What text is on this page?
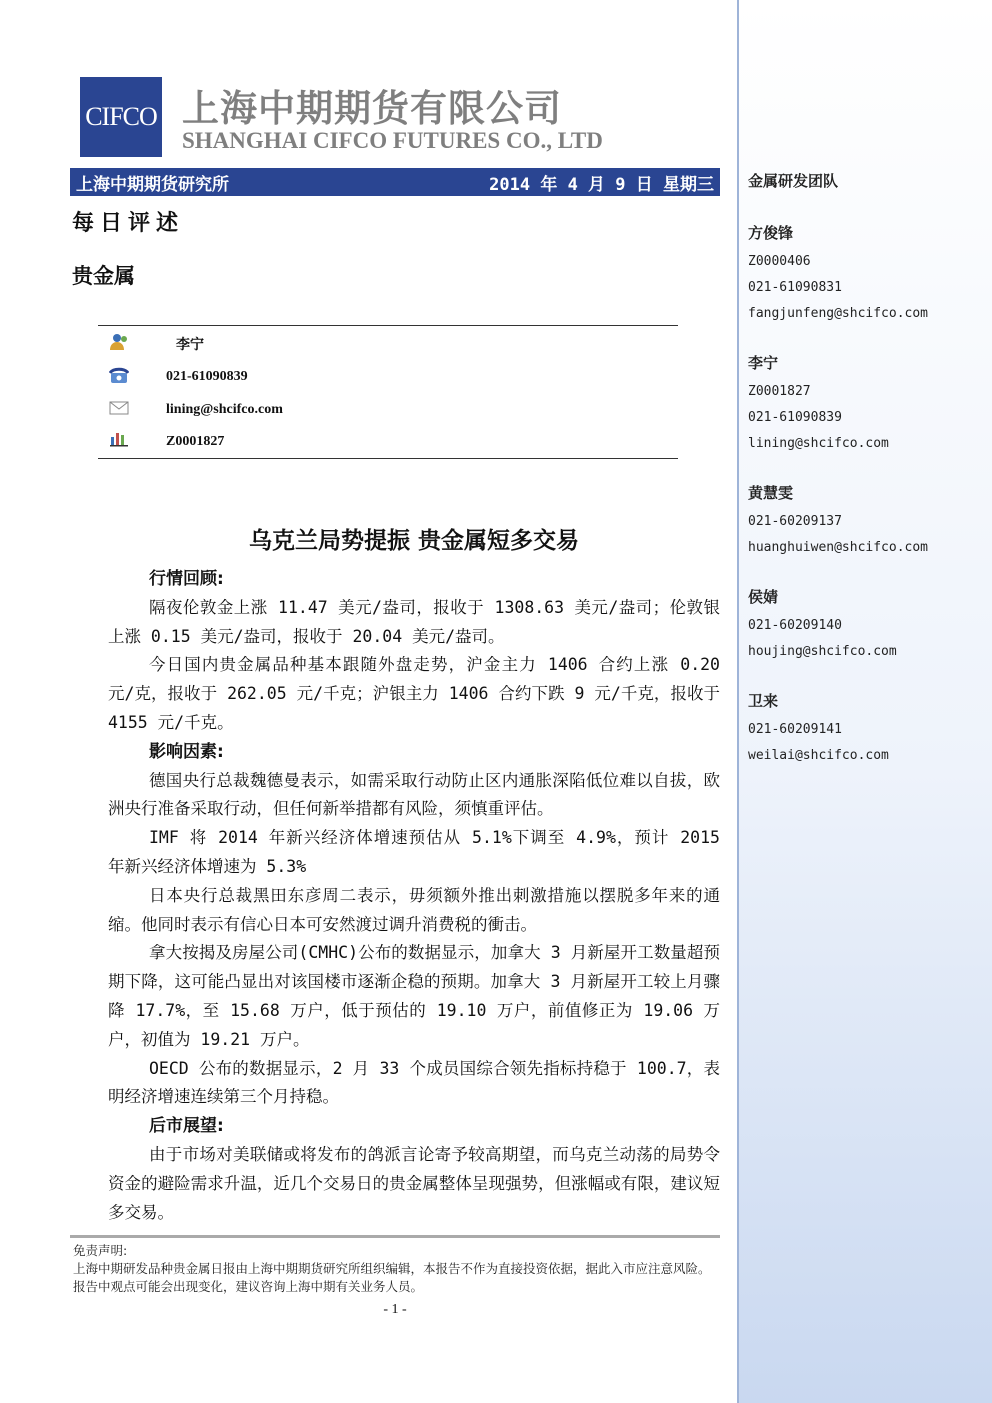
金属研发团队
方俊锋
Z0000406
021-61090831
fangjunfeng@shcifco.com
李宁
Z0001827
021-61090839
lining@shcifco.com
黄慧雯
021-60209137
huanghuiwen@shcifco.com
侯婧
021-60209140
houjing@shcifco.com
卫来
021-60209141
weilai@shcifco.com
CIFCO 上海中期期货有限公司
SHANGHAI CIFCO FUTURES CO., LTD
上海中期期货研究所	2014 年 4 月 9 日 星期三
每日评述
贵金属
李宁
021-61090839
lining@shcifco.com
Z0001827
乌克兰局势提振 贵金属短多交易
行情回顾:

隔夜伦敦金上涨 11.47 美元/盎司，报收于 1308.63 美元/盎司；伦敦银上涨 0.15 美元/盎司，报收于 20.04 美元/盎司。

今日国内贵金属品种基本跟随外盘走势，沪金主力 1406 合约上涨 0.20 元/克，报收于 262.05 元/千克；沪银主力 1406 合约下跌 9 元/千克，报收于 4155 元/千克。

影响因素:

德国央行总裁魏德曼表示，如需采取行动防止区内通胀深陷低位难以自拔，欧洲央行准备采取行动，但任何新举措都有风险，须慎重评估。

IMF 将 2014 年新兴经济体增速预估从 5.1%下调至 4.9%，预计 2015 年新兴经济体增速为 5.3%

日本央行总裁黑田东彦周二表示，毋须额外推出刺激措施以摆脱多年来的通缩。他同时表示有信心日本可安然渡过调升消费税的衝击。

拿大按揭及房屋公司(CMHC)公布的数据显示，加拿大 3 月新屋开工数量超预期下降，这可能凸显出对该国楼市逐渐企稳的预期。加拿大 3 月新屋开工较上月骤降 17.7%，至 15.68 万户，低于预估的 19.10 万户，前值修正为 19.06 万户，初值为 19.21 万户。

OECD 公布的数据显示，2 月 33 个成员国综合领先指标持稳于 100.7，表明经济增速连续第三个月持稳。

后市展望:

由于市场对美联储或将发布的鸽派言论寄予较高期望，而乌克兰动荡的局势令资金的避险需求升温，近几个交易日的贵金属整体呈现强势，但涨幅或有限，建议短多交易。

免责声明:
上海中期研发品种贵金属日报由上海中期期货研究所组织编辑，本报告不作为直接投资依据，据此入市应注意风险。报告中观点可能会出现变化，建议咨询上海中期有关业务人员。
- 1 -
